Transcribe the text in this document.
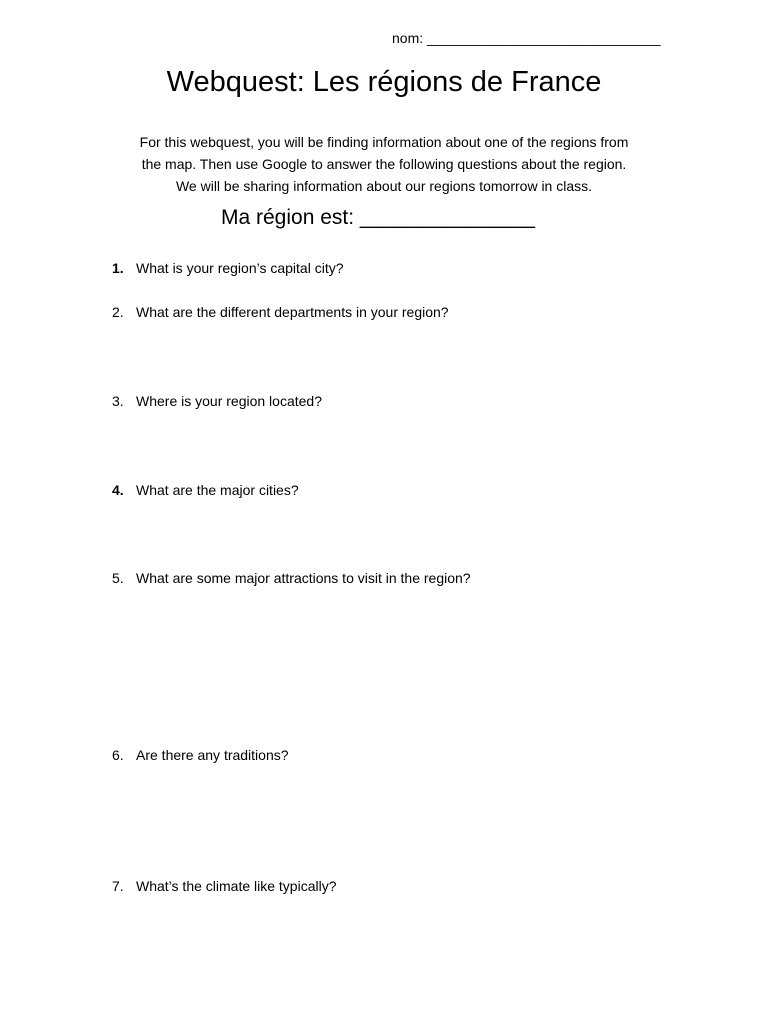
nom: ______________________________
Webquest: Les régions de France
For this webquest, you will be finding information about one of the regions from
the map. Then use Google to answer the following questions about the region.
We will be sharing information about our regions tomorrow in class.
Ma région est: _______________
1. What is your region’s capital city?
2. What are the different departments in your region?
3. Where is your region located?
4. What are the major cities?
5. What are some major attractions to visit in the region?
6. Are there any traditions?
7. What’s the climate like typically?
